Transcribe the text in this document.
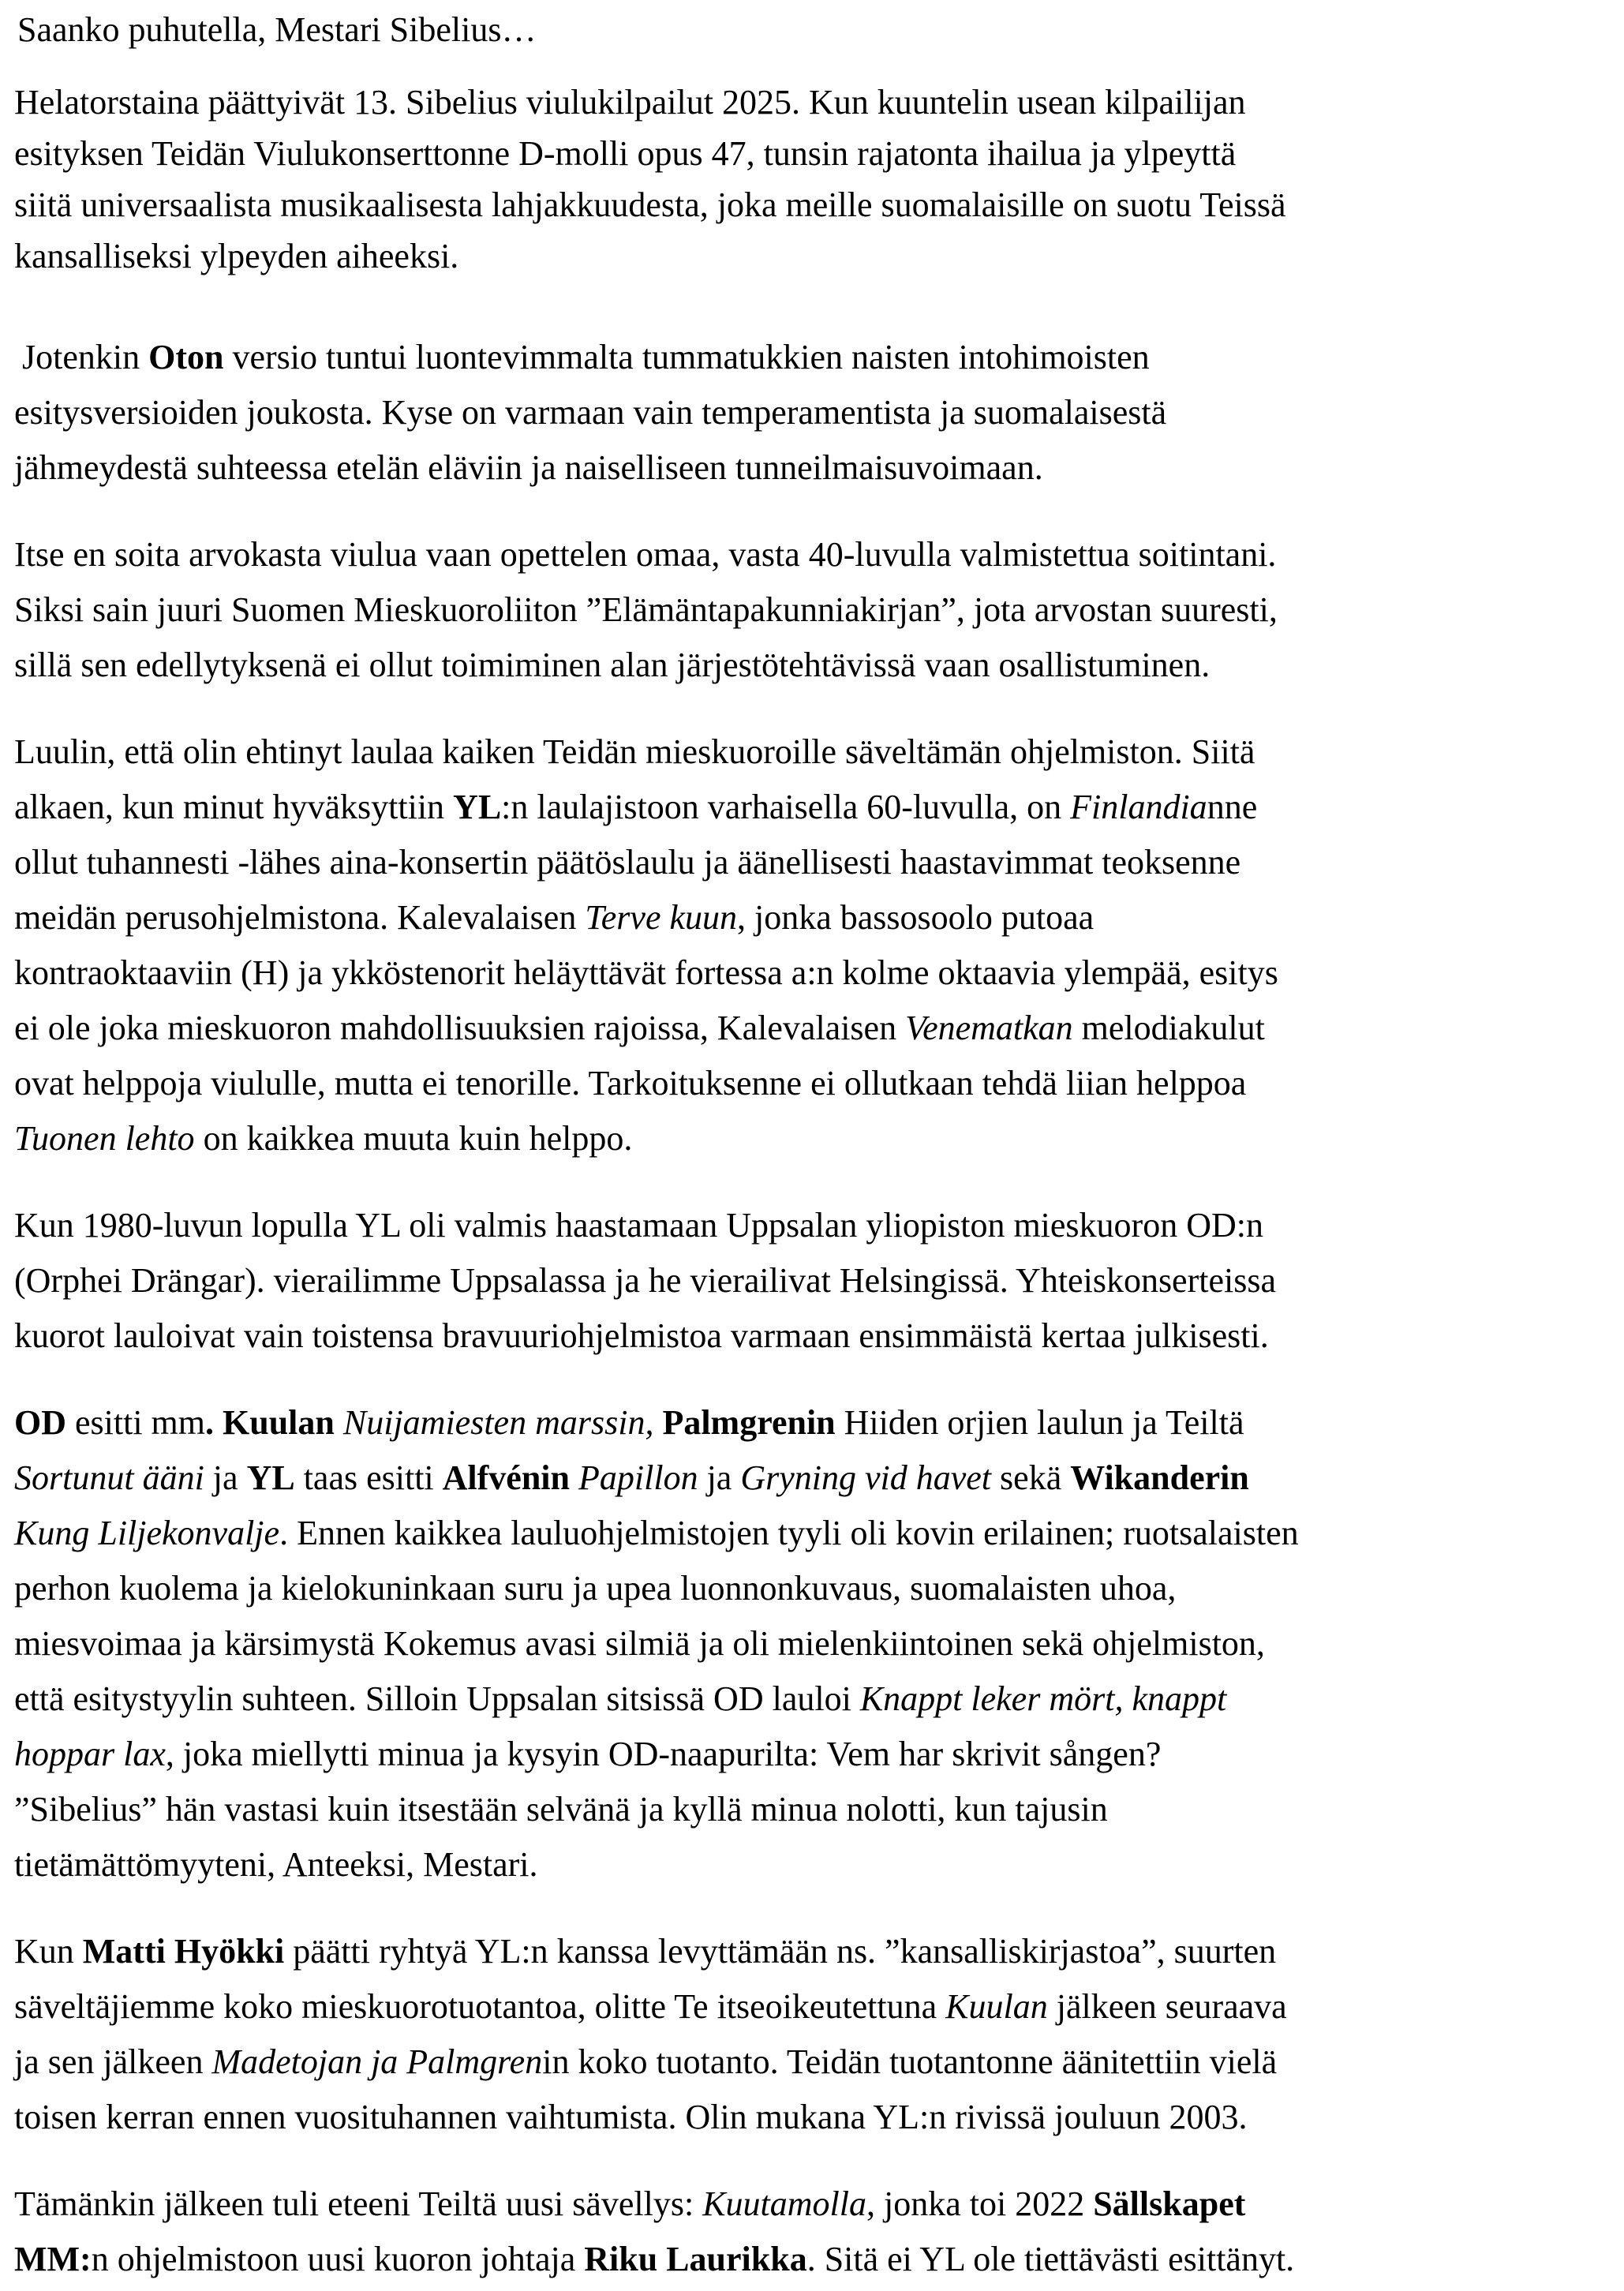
Saanko puhutella, Mestari Sibelius…

Helatorstaina päättyivät 13. Sibelius viulukilpailut 2025. Kun kuuntelin usean kilpailijan

esityksen Teidän Viulukonserttonne D-molli opus 47, tunsin rajatonta ihailua ja ylpeyttä

siitä universaalista musikaalisesta lahjakkuudesta, joka meille suomalaisille on suotu Teissä

kansalliseksi ylpeyden aiheeksi.

Jotenkin Oton versio tuntui luontevimmalta tummatukkien naisten intohimoisten

esitysversioiden joukosta. Kyse on varmaan vain temperamentista ja suomalaisestä

jähmeydestä suhteessa etelän eläviin ja naiselliseen tunneilmaisuvoimaan.

Itse en soita arvokasta viulua vaan opettelen omaa, vasta 40-luvulla valmistettua soitintani.

Siksi sain juuri Suomen Mieskuoroliiton ”Elämäntapakunniakirjan”, jota arvostan suuresti,

sillä sen edellytyksenä ei ollut toimiminen alan järjestötehtävissä vaan osallistuminen.

Luulin, että olin ehtinyt laulaa kaiken Teidän mieskuoroille säveltämän ohjelmiston. Siitä

alkaen, kun minut hyväksyttiin YL:n laulajistoon varhaisella 60-luvulla, on Finlandianne

ollut tuhannesti -lähes aina-konsertin päätöslaulu ja äänellisesti haastavimmat teoksenne

meidän perusohjelmistona. Kalevalaisen Terve kuun, jonka bassosoolo putoaa

kontraoktaaviin (H) ja ykköstenorit heläyttävät fortessa a:n kolme oktaavia ylempää, esitys

ei ole joka mieskuoron mahdollisuuksien rajoissa, Kalevalaisen Venematkan melodiakulut

ovat helppoja viululle, mutta ei tenorille. Tarkoituksenne ei ollutkaan tehdä liian helppoa

Tuonen lehto on kaikkea muuta kuin helppo.

Kun 1980-luvun lopulla YL oli valmis haastamaan Uppsalan yliopiston mieskuoron OD:n

(Orphei Drängar). vierailimme Uppsalassa ja he vierailivat Helsingissä. Yhteiskonserteissa

kuorot lauloivat vain toistensa bravuuriohjelmistoa varmaan ensimmäistä kertaa julkisesti.

OD esitti mm. Kuulan Nuijamiesten marssin, Palmgrenin Hiiden orjien laulun ja Teiltä

Sortunut ääni ja YL taas esitti Alfvénin Papillon ja Gryning vid havet sekä Wikanderin

Kung Liljekonvalje. Ennen kaikkea lauluohjelmistojen tyyli oli kovin erilainen; ruotsalaisten

perhon kuolema ja kielokuninkaan suru ja upea luonnonkuvaus, suomalaisten uhoa,

miesvoimaa ja kärsimystä Kokemus avasi silmiä ja oli mielenkiintoinen sekä ohjelmiston,

että esitystyylin suhteen. Silloin Uppsalan sitsissä OD lauloi Knappt leker mört, knappt

hoppar lax, joka miellytti minua ja kysyin OD-naapurilta: Vem har skrivit sången?

”Sibelius” hän vastasi kuin itsestään selvänä ja kyllä minua nolotti, kun tajusin

tietämättömyyteni, Anteeksi, Mestari.

Kun Matti Hyökki päätti ryhtyä YL:n kanssa levyttämään ns. ”kansalliskirjastoa”, suurten

säveltäjiemme koko mieskuorotuotantoa, olitte Te itseoikeutettuna Kuulan jälkeen seuraava

ja sen jälkeen Madetojan ja Palmgrenin koko tuotanto. Teidän tuotantonne äänitettiin vielä

toisen kerran ennen vuosituhannen vaihtumista. Olin mukana YL:n rivissä jouluun 2003.

Tämänkin jälkeen tuli eteeni Teiltä uusi sävellys: Kuutamolla, jonka toi 2022 Sällskapet

MM:n ohjelmistoon uusi kuoron johtaja Riku Laurikka. Sitä ei YL ole tiettävästi esittänyt.
